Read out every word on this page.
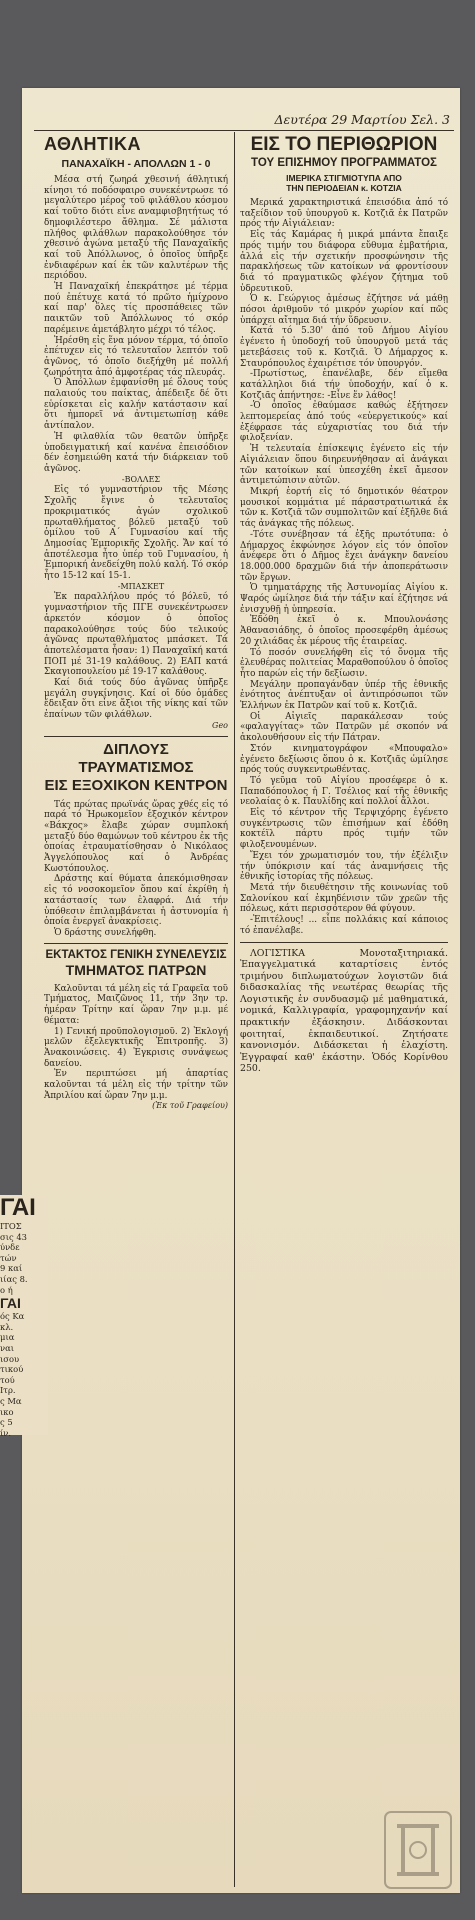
ΓΑΙ
ΙΤΟΣ
σις 43
ύνδε
τών
9 καί
ιίας 8.
ο ή
ΓΑΙ
ός Κα
κλ.
μια
ναι
ισου
τικού
τού
Ιτρ.
ς Μα
ικο
ς 5
ίν.
Δευτέρα 29 Μαρτίου Σελ. 3
ΑΘΛΗΤΙΚΑ
ΠΑΝΑΧΑΪΚΗ - ΑΠΟΛΛΩΝ 1 - 0

Μέσα στή ζωηρά χθεσινή άθλητική κίνησι τό ποδόσφαιρο συνεκέντρωσε τό μεγαλύτερο μέρος τοῦ φιλάθλου κόσμου καί τοῦτο διότι εἶνε αναμφισβητήτως τό δημοφιλέστερο ἄθλημα. Σέ μάλιστα πλήθος φιλάθλων παρακολούθησε τόν χθεσινό ἀγώνα μεταξύ τῆς Παναχαϊκῆς καί τοῦ Ἀπόλλωνος, ὁ ὁποῖος ὑπῆρξε ἐνδιαφέρων καί ἐκ τῶν καλυτέρων τῆς περιόδου.

Ἡ Παναχαϊκή ἐπεκράτησε μέ τέρμα πού ἐπέτυχε κατά τό πρῶτο ἡμίχρονο καί παρ' ὅλες τίς προσπάθειες τῶν παικτῶν τοῦ Ἀπόλλωνος τό σκόρ παρέμεινε ἀμετάβλητο μέχρι τό τέλος.

Ἡρέσθη εἰς ἕνα μόνον τέρμα, τό ὁποῖο ἐπέτυχεν εἰς τό τελευταῖον λεπτόν τοῦ ἀγῶνος, τό ὁποῖο διεξήχθη μέ πολλή ζωηρότητα ἀπό ἀμφοτέρας τάς πλευράς.

Ὁ Ἀπόλλων ἐμφανίσθη μέ ὅλους τούς παλαιούς του παίκτας, ἀπέδειξε δέ ὅτι εὑρίσκεται εἰς καλήν κατάστασιν καί ὅτι ἠμπορεῖ νά ἀντιμετωπίσῃ κάθε ἀντίπαλον.

Ἡ φιλαθλία τῶν θεατῶν ὑπῆρξε ὑποδειγματική καί κανένα ἐπεισόδιον δέν ἐσημειώθη κατά τήν διάρκειαν τοῦ ἀγῶνος.

-ΒΟΛΛΕΣ

Εἰς τό γυμναστήριον τῆς Μέσης Σχολῆς ἔγινε ὁ τελευταῖος προκριματικός ἀγών σχολικοῦ πρωταθλήματος βόλεϋ μεταξύ τοῦ ὁμίλου τοῦ Α΄ Γυμνασίου καί τῆς Δημοσίας Ἐμπορικῆς Σχολῆς. Ἄν καί τό ἀποτέλεσμα ἦτο ὑπέρ τοῦ Γυμνασίου, ἡ Ἐμπορική ἀνεδείχθη πολύ καλή. Τό σκόρ ἦτο 15-12 καί 15-1.

-ΜΠΑΣΚΕΤ

Ἐκ παραλλήλου πρός τό βόλεϋ, τό γυμναστήριον τῆς ΠΓΕ συνεκέντρωσεν ἀρκετόν κόσμον ὁ ὁποῖος παρακολούθησε τούς δύο τελικούς ἀγῶνας πρωταθλήματος μπάσκετ. Τά ἀποτελέσματα ἦσαν: 1) Παναχαϊκή κατά ΠΟΠ μέ 31-19 καλάθους. 2) ΕΑΠ κατά Σκαγιοπουλείου μέ 19-17 καλάθους.

Καί διά τούς δύο ἀγῶνας ὑπῆρξε μεγάλη συγκίνησις. Καί οἱ δύο ὁμάδες ἔδειξαν ὅτι εἶνε ἄξιοι τῆς νίκης καί τῶν ἐπαίνων τῶν φιλάθλων.

Geo

ΔΙΠΛΟΥΣ ΤΡΑΥΜΑΤΙΣΜΟΣ
ΕΙΣ ΕΞΟΧΙΚΟΝ ΚΕΝΤΡΟΝ

Τάς πρώτας πρωϊνάς ὥρας χθές εἰς τό παρά τό Ἠρωκομεῖον ἐξοχικόν κέντρον «Βάκχος» ἔλαβε χώραν συμπλοκή μεταξύ δύο θαμώνων τοῦ κέντρου ἐκ τῆς ὁποίας ἐτραυματίσθησαν ὁ Νικόλαος Ἀγγελόπουλος καί ὁ Ἀνδρέας Κωστόπουλος.

Δράστης καί θύματα ἀπεκόμισθησαν εἰς τό νοσοκομεῖον ὅπου καί ἐκρίθη ἡ κατάστασίς των ἐλαφρά. Διά τήν ὑπόθεσιν ἐπιλαμβάνεται ἡ ἀστυνομία ἡ ὁποία ἐνεργεῖ ἀνακρίσεις.

Ὁ δράστης συνελήφθη.

ΕΚΤΑΚΤΟΣ ΓΕΝΙΚΗ ΣΥΝΕΛΕΥΣΙΣ
ΤΜΗΜΑΤΟΣ ΠΑΤΡΩΝ

Καλοῦνται τά μέλη εἰς τά Γραφεῖα τοῦ Τμήματος, Μαιζῶνος 11, τήν 3ην τρ. ἡμέραν Τρίτην καί ὥραν 7ην μ.μ. μέ θέματα:

1) Γενική προϋπολογισμοῦ. 2) Ἐκλογή μελῶν ἐξελεγκτικῆς Ἐπιτροπῆς. 3) Ἀνακοινώσεις. 4) Ἐγκρισις συνάψεως δανείου.

Ἐν περιπτώσει μή ἀπαρτίας καλοῦνται τά μέλη εἰς τήν τρίτην τῶν Ἀπριλίου καί ὥραν 7ην μ.μ.

(Ἐκ τοῦ Γραφείου)

ΕΙΣ ΤΟ ΠΕΡΙΘΩΡΙΟΝ
ΤΟΥ ΕΠΙΣΗΜΟΥ ΠΡΟΓΡΑΜΜΑΤΟΣ
ΙΜΕΡΙΚΑ ΣΤΙΓΜΙΟΤΥΠΑ ΑΠΟ
ΤΗΝ ΠΕΡΙΟΔΕΙΑΝ κ. ΚΟΤΖΙΑ

Μερικά χαρακτηριστικά ἐπεισόδια ἀπό τό ταξείδιον τοῦ ὑπουργοῦ κ. Κοτζιᾶ ἐκ Πατρῶν πρός τήν Αἰγιάλειαν:

Εἰς τάς Καμάρας ἡ μικρά μπάντα ἔπαιξε πρός τιμήν του διάφορα εὔθυμα ἐμβατήρια, ἀλλά εἰς τήν σχετικήν προσφώνησιν τῆς παρακλήσεως τῶν κατοίκων νά φροντίσουν διά τό πραγματικῶς φλέγον ζήτημα τοῦ ὑδρευτικοῦ.

Ὁ κ. Γεώργιος ἀμέσως ἐζήτησε νά μάθῃ πόσοι ἀριθμοῦν τό μικρόν χωρίον καί πῶς ὑπάρχει αἴτημα διά τήν ὕδρευσιν.

Κατά τό 5.30' ἀπό τοῦ Δήμου Αἰγίου ἐγένετο ἡ ὑποδοχή τοῦ ὑπουργοῦ μετά τάς μετεβάσεις τοῦ κ. Κοτζιᾶ. Ὁ Δήμαρχος κ. Σταυρόπουλος ἐχαιρέτισε τόν ὑπουργόν.

-Πρωτίστως, ἐπανέλαβε, δέν εἴμεθα κατάλληλοι διά τήν ὑποδοχήν, καί ὁ κ. Κοτζιᾶς ἀπήντησε: -Εἶνε ἕν λάθος!

-Ὁ ὁποῖος ἐθαύμασε καθώς ἐξήτησεν λεπτομερείας ἀπό τούς «εὐεργετικούς» καί ἐξέφρασε τάς εὐχαριστίας του διά τήν φιλοξενίαν.

Ἡ τελευταία ἐπίσκεψις ἐγένετο εἰς τήν Αἰγιάλειαν ὅπου διηρευνήθησαν αἱ ἀνάγκαι τῶν κατοίκων καί ὑπεσχέθη ἐκεῖ ἄμεσον ἀντιμετώπισιν αὐτῶν.

Μικρή ἑορτή εἰς τό δημοτικόν θέατρον μουσικοί κομμάτια μέ πάραστρατιωτικά ἐκ τῶν κ. Κοτζιᾶ τῶν συμπολιτῶν καί ἐξῆλθε διά τάς ἀνάγκας τῆς πόλεως.

-Τότε συνέβησαν τά ἑξῆς πρωτότυπα: ὁ Δήμαρχος ἐκφώνησε λόγον εἰς τόν ὁποῖον ἀνέφερε ὅτι ὁ Δῆμος ἔχει ἀνάγκην δανείου 18.000.000 δραχμῶν διά τήν ἀποπεράτωσιν τῶν ἔργων.

Ὁ τμηματάρχης τῆς Ἀστυνομίας Αἰγίου κ. Ψαρός ὡμίλησε διά τήν τάξιν καί ἐζήτησε νά ἐνισχυθῇ ἡ ὑπηρεσία.

Ἐδόθη ἐκεῖ ὁ κ. Μπουλονάσης Ἀθανασιάδης, ὁ ὁποῖος προσεφέρθη ἀμέσως 20 χιλιάδας ἐκ μέρους τῆς ἑταιρείας.

Τό ποσόν συνελήφθη εἰς τό ὄνομα τῆς ἐλευθέρας πολιτείας Μαραθοπούλου ὁ ὁποῖος ἦτο παρών εἰς τήν δεξίωσιν.

Μεγάλην προπαγάνδαν ὑπέρ τῆς ἐθνικῆς ἑνότητος ἀνέπτυξαν οἱ ἀντιπρόσωποι τῶν Ἑλλήνων ἐκ Πατρῶν καί τοῦ κ. Κοτζιᾶ.

Οἱ Αἰγιεῖς παρακάλεσαν τούς «φαλαγγίτας» τῶν Πατρῶν μέ σκοπόν νά ἀκολουθήσουν εἰς τήν Πάτραν.

Στόν κινηματογράφον «Μπουφαλο» ἐγένετο δεξίωσις ὅπου ὁ κ. Κοτζιᾶς ὡμίλησε πρός τούς συγκεντρωθέντας.

Τό γεῦμα τοῦ Αἰγίου προσέφερε ὁ κ. Παπαδόπουλος ἡ Γ. Τσέλιος καί τῆς ἐθνικῆς νεολαίας ὁ κ. Παυλίδης καί πολλοί ἄλλοι.

Εἰς τό κέντρον τῆς Τερψιχόρης ἐγένετο συγκέντρωσις τῶν ἐπισήμων καί ἐδόθη κοκτέϊλ πάρτυ πρός τιμήν τῶν φιλοξενουμένων.

Ἔχει τόν χρωματισμόν του, τήν ἐξέλιξιν τήν ὑπόκρισιν καί τάς ἀναμνήσεις τῆς ἐθνικῆς ἱστορίας τῆς πόλεως.

Μετά τήν διευθέτησιν τῆς κοινωνίας τοῦ Σαλονίκου καί ἐκμηδένισιν τῶν χρεῶν τῆς πόλεως, κάτι περισσότερον θά φύγουν.

-Ἐπιτέλους! ... εἶπε πολλάκις καί κάποιος τό ἐπανέλαβε.

ΛΟΓΙΣΤΙΚΑ Μονοταξιτηριακά. Ἐπαγγελματικά καταρτίσεις ἐντός τριμήνου διπλωματούχων λογιστῶν διά διδασκαλίας τῆς νεωτέρας θεωρίας τῆς Λογιστικῆς ἐν συνδυασμῷ μέ μαθηματικά, νομικά, Καλλιγραφία, γραφομηχανήν καί πρακτικήν ἐξάσκησιν. Διδάσκονται φοιτηταί, ἐκπαιδευτικοί. Ζητήσατε κανονισμόν. Διδάσκεται ἡ ἐλαχίστη. Ἐγγραφαί καθ' ἑκάστην. Ὁδός Κορίνθου 250.
